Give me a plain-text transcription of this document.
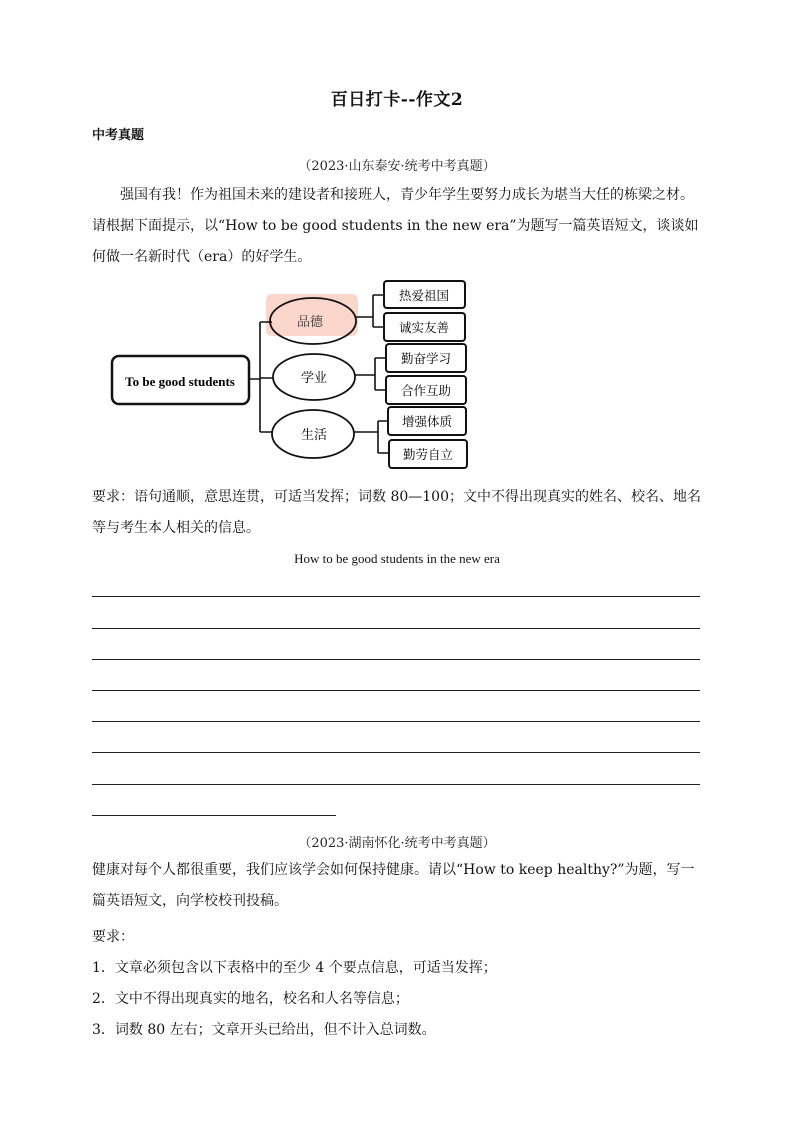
百日打卡--作文2
中考真题
（2023·山东泰安·统考中考真题）

强国有我！作为祖国未来的建设者和接班人，青少年学生要努力成长为堪当大任的栋梁之材。请根据下面提示，以“How to be good students in the new era”为题写一篇英语短文，谈谈如何做一名新时代（era）的好学生。

To be good students
品德
学业
生活
热爱祖国
诚实友善
勤奋学习
合作互助
增强体质
勤劳自立

要求：语句通顺，意思连贯，可适当发挥；词数 80—100；文中不得出现真实的姓名、校名、地名等与考生本人相关的信息。

How to be good students in the new era
（2023·湖南怀化·统考中考真题）

健康对每个人都很重要，我们应该学会如何保持健康。请以“How to keep healthy?”为题，写一篇英语短文，向学校校刊投稿。

要求：
1．文章必须包含以下表格中的至少 4 个要点信息，可适当发挥；
2．文中不得出现真实的地名，校名和人名等信息；
3．词数 80 左右；文章开头已给出，但不计入总词数。
